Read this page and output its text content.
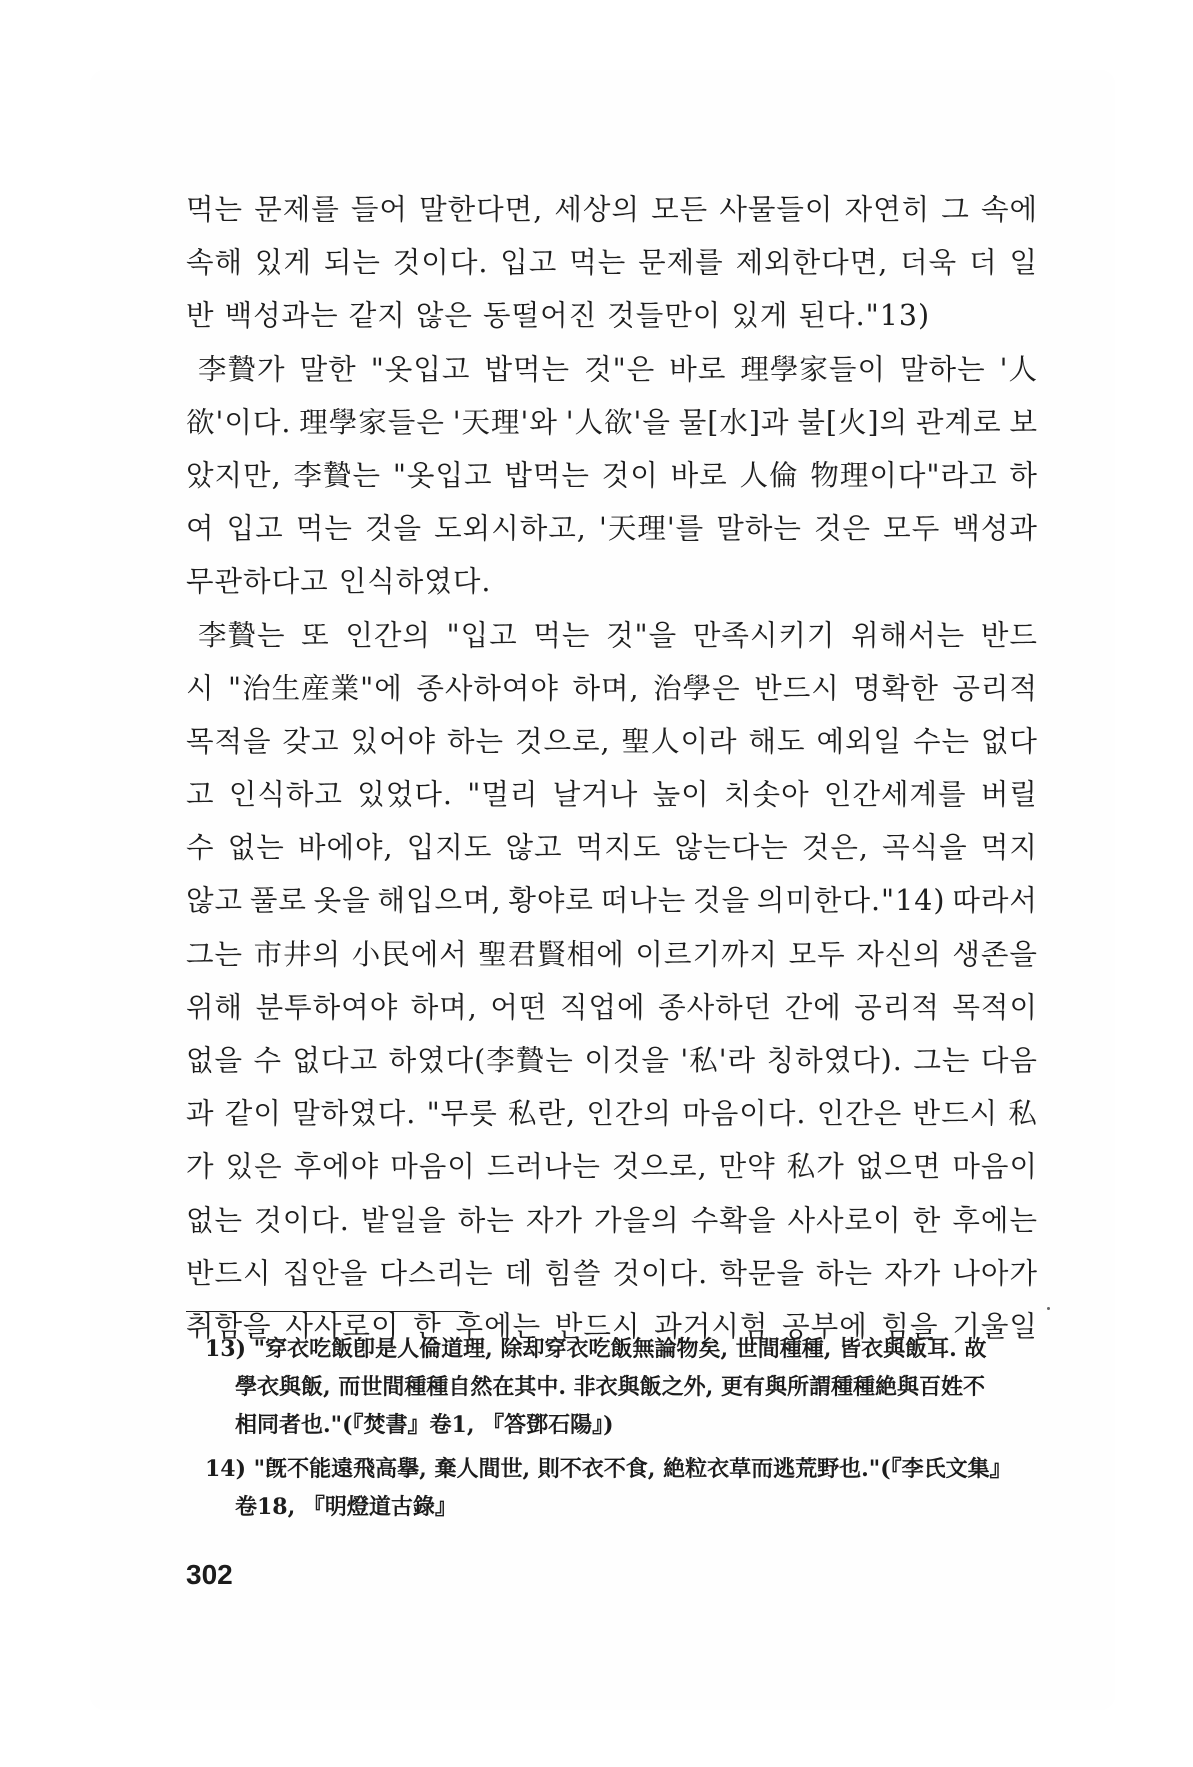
먹는 문제를 들어 말한다면, 세상의 모든 사물들이 자연히 그 속에
속해 있게 되는 것이다. 입고 먹는 문제를 제외한다면, 더욱 더 일
반 백성과는 같지 않은 동떨어진 것들만이 있게 된다."13)
李贄가 말한 "옷입고 밥먹는 것"은 바로 理學家들이 말하는 '人
欲'이다. 理學家들은 '天理'와 '人欲'을 물[水]과 불[火]의 관계로 보
았지만, 李贄는 "옷입고 밥먹는 것이 바로 人倫 物理이다"라고 하
여 입고 먹는 것을 도외시하고, '天理'를 말하는 것은 모두 백성과
무관하다고 인식하였다.
李贄는 또 인간의 "입고 먹는 것"을 만족시키기 위해서는 반드
시 "治生産業"에 종사하여야 하며, 治學은 반드시 명확한 공리적
목적을 갖고 있어야 하는 것으로, 聖人이라 해도 예외일 수는 없다
고 인식하고 있었다. "멀리 날거나 높이 치솟아 인간세계를 버릴
수 없는 바에야, 입지도 않고 먹지도 않는다는 것은, 곡식을 먹지
않고 풀로 옷을 해입으며, 황야로 떠나는 것을 의미한다."14) 따라서
그는 市井의 小民에서 聖君賢相에 이르기까지 모두 자신의 생존을
위해 분투하여야 하며, 어떤 직업에 종사하던 간에 공리적 목적이
없을 수 없다고 하였다(李贄는 이것을 '私'라 칭하였다). 그는 다음
과 같이 말하였다. "무릇 私란, 인간의 마음이다. 인간은 반드시 私
가 있은 후에야 마음이 드러나는 것으로, 만약 私가 없으면 마음이
없는 것이다. 밭일을 하는 자가 가을의 수확을 사사로이 한 후에는
반드시 집안을 다스리는 데 힘쓸 것이다. 학문을 하는 자가 나아가
취함을 사사로이 한 후에는 반드시 과거시험 공부에 힘을 기울일
13) "穿衣吃飯卽是人倫道理, 除却穿衣吃飯無論物矣, 世間種種, 皆衣與飯耳. 故
學衣與飯, 而世間種種自然在其中. 非衣與飯之外, 更有與所謂種種絶與百姓不
相同者也."(『焚書』卷1, 『答鄧石陽』)
14) "旣不能遠飛高擧, 棄人間世, 則不衣不食, 絶粒衣草而逃荒野也."(『李氏文集』
卷18, 『明燈道古錄』
302
